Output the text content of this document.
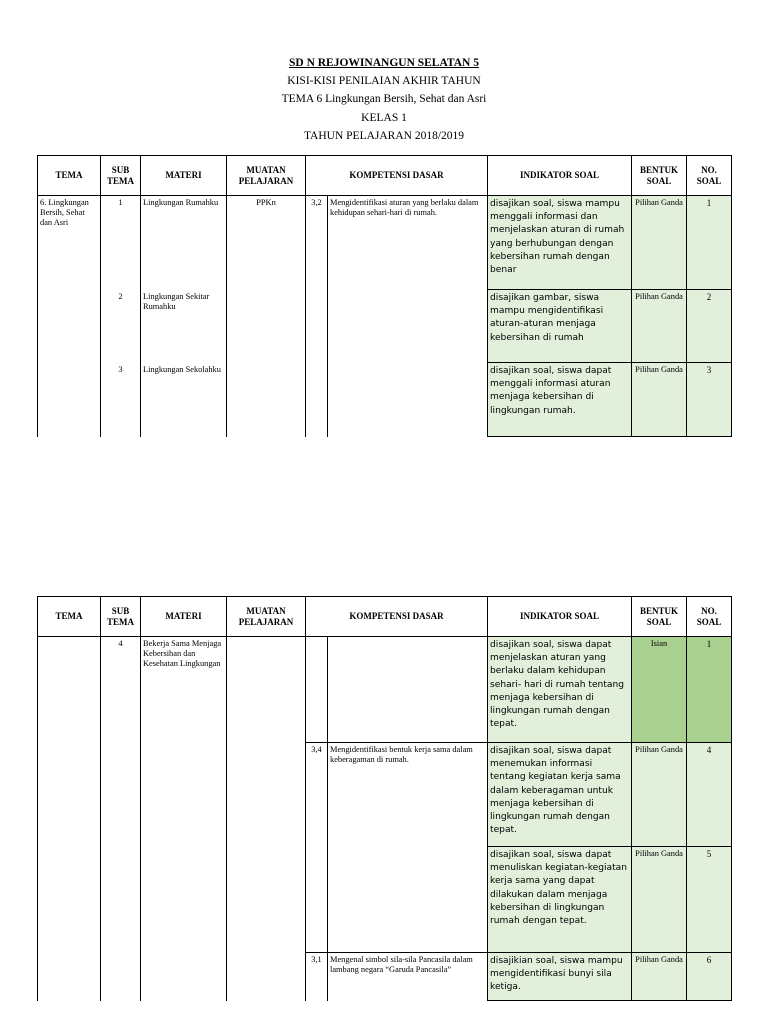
SD N REJOWINANGUN SELATAN 5
KISI-KISI PENILAIAN AKHIR TAHUN
TEMA 6 Lingkungan Bersih, Sehat dan Asri
KELAS 1
TAHUN PELAJARAN 2018/2019
TEMA	SUB TEMA	MATERI	MUATAN PELAJARAN	KOMPETENSI DASAR		INDIKATOR SOAL	BENTUK SOAL	NO. SOAL
6. Lingkungan Bersih, Sehat dan Asri	1	Lingkungan Rumahku	PPKn	3,2	Mengidentifikasi aturan yang berlaku dalam kehidupan sehari-hari di rumah.	disajikan soal, siswa mampu menggali informasi dan menjelaskan aturan di rumah yang berhubungan dengan kebersihan rumah dengan benar	Pilihan Ganda	1
	2	Lingkungan Sekitar Rumahku				disajikan gambar, siswa mampu mengidentifikasi aturan-aturan menjaga kebersihan di rumah	Pilihan Ganda	2
	3	Lingkungan Sekolahku				disajikan soal, siswa dapat menggali informasi aturan menjaga kebersihan di lingkungan rumah.	Pilihan Ganda	3
TEMA	SUB TEMA	MATERI	MUATAN PELAJARAN	KOMPETENSI DASAR		INDIKATOR SOAL	BENTUK SOAL	NO. SOAL
	4	Bekerja Sama Menjaga Kebersihan dan Kesehatan Lingkungan				disajikan soal, siswa dapat menjelaskan aturan yang berlaku dalam kehidupan sehari- hari di rumah tentang menjaga kebersihan di lingkungan rumah dengan tepat.	Isian	1
				3,4	Mengidentifikasi bentuk kerja sama dalam keberagaman di rumah.	disajikan soal, siswa dapat menemukan informasi tentang kegiatan kerja sama dalam keberagaman untuk menjaga kebersihan di lingkungan rumah dengan tepat.	Pilihan Ganda	4
						disajikan soal, siswa dapat menuliskan kegiatan-kegiatan kerja sama yang dapat dilakukan dalam menjaga kebersihan di lingkungan rumah dengan tepat.	Pilihan Ganda	5
				3,1	Mengenal simbol sila-sila Pancasila dalam lambang negara “Garuda Pancasila”	disajikian soal, siswa mampu mengidentifikasi bunyi sila ketiga.	Pilihan Ganda	6
